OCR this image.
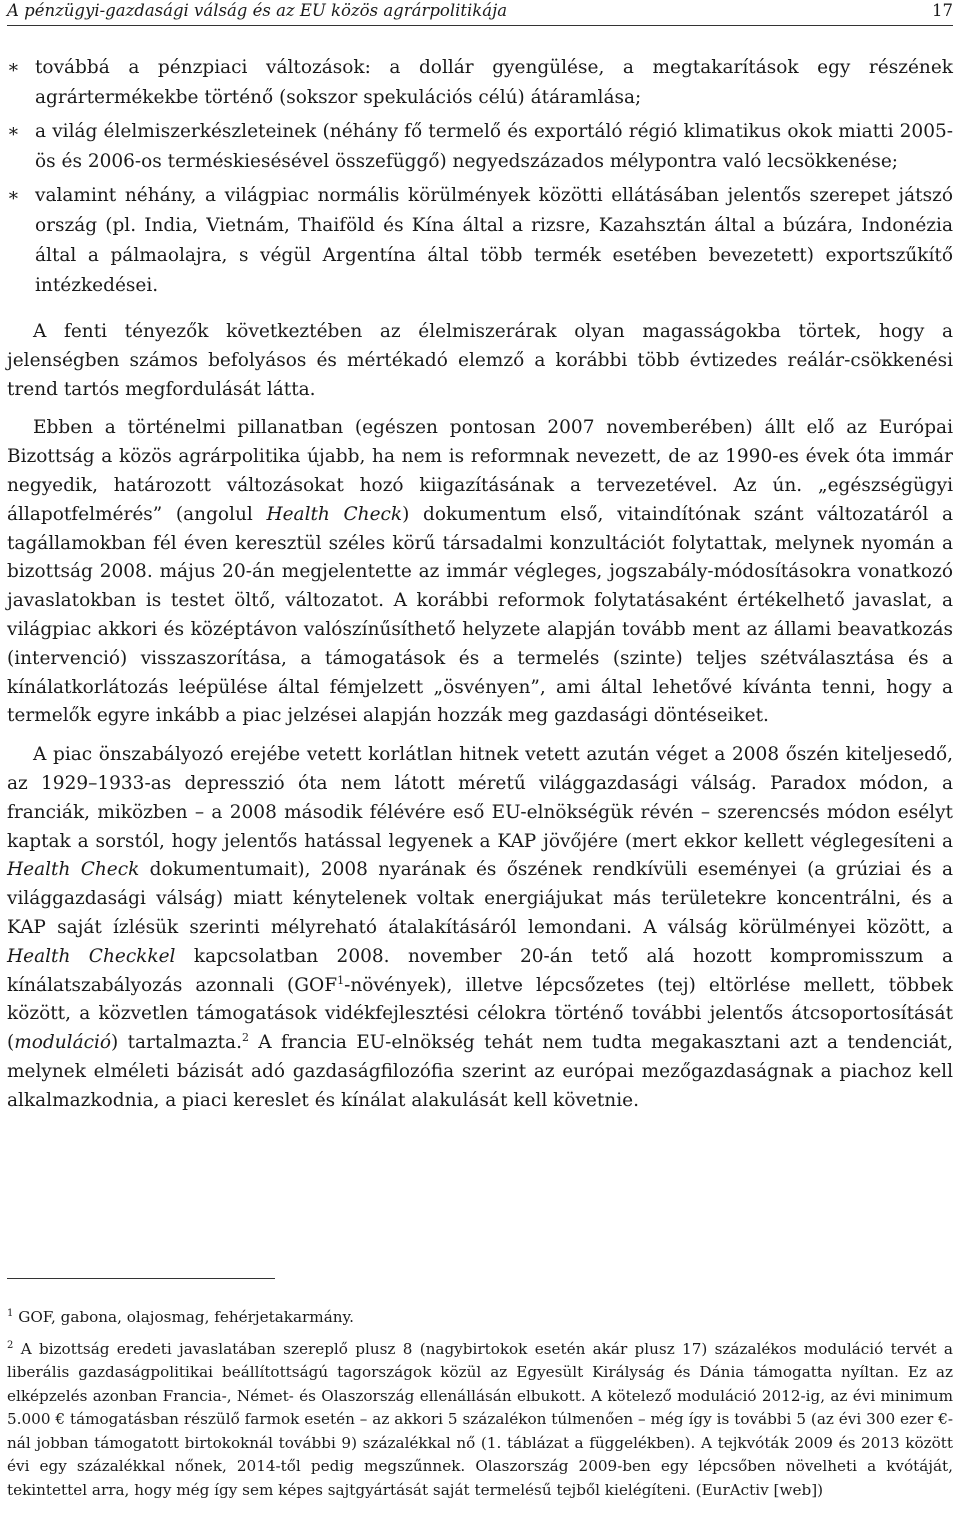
A pénzügyi-gazdasági válság és az EU közös agrárpolitikája	17
∗ továbbá a pénzpiaci változások: a dollár gyengülése, a megtakarítások egy részének agrártermékekbe történő (sokszor spekulációs célú) átáramlása;
∗ a világ élelmiszerkészleteinek (néhány fő termelő és exportáló régió klimatikus okok miatti 2005-ös és 2006-os terméskiesésével összefüggő) negyedszázados mélypontra való lecsökkenése;
∗ valamint néhány, a világpiac normális körülmények közötti ellátásában jelentős szerepet játszó ország (pl. India, Vietnám, Thaiföld és Kína által a rizsre, Kazahsztán által a búzára, Indonézia által a pálmaolajra, s végül Argentína által több termék esetében bevezetett) exportszűkítő intézkedései.

A fenti tényezők következtében az élelmiszerárak olyan magasságokba törtek, hogy a jelenségben számos befolyásos és mértékadó elemző a korábbi több évtizedes reálár-csökkenési trend tartós megfordulását látta.

Ebben a történelmi pillanatban (egészen pontosan 2007 novemberében) állt elő az Európai Bizottság a közös agrárpolitika újabb, ha nem is reformnak nevezett, de az 1990-es évek óta immár negyedik, határozott változásokat hozó kiigazításának a tervezetével. Az ún. „egészségügyi állapotfelmérés” (angolul Health Check) dokumentum első, vitaindítónak szánt változatáról a tagállamokban fél éven keresztül széles körű társadalmi konzultációt folytattak, melynek nyomán a bizottság 2008. május 20-án megjelentette az immár végleges, jogszabály-módosításokra vonatkozó javaslatokban is testet öltő, változatot. A korábbi reformok folytatásaként értékelhető javaslat, a világpiac akkori és középtávon valószínűsíthető helyzete alapján tovább ment az állami beavatkozás (intervenció) visszaszorítása, a támogatások és a termelés (szinte) teljes szétválasztása és a kínálatkorlátozás leépülése által fémjelzett „ösvényen”, ami által lehetővé kívánta tenni, hogy a termelők egyre inkább a piac jelzései alapján hozzák meg gazdasági döntéseiket.

A piac önszabályozó erejébe vetett korlátlan hitnek vetett azután véget a 2008 őszén kiteljesedő, az 1929–1933-as depresszió óta nem látott méretű világgazdasági válság. Paradox módon, a franciák, miközben – a 2008 második félévére eső EU-elnökségük révén – szerencsés módon esélyt kaptak a sorstól, hogy jelentős hatással legyenek a KAP jövőjére (mert ekkor kellett véglegesíteni a Health Check dokumentumait), 2008 nyarának és őszének rendkívüli eseményei (a grúziai és a világgazdasági válság) miatt kénytelenek voltak energiájukat más területekre koncentrálni, és a KAP saját ízlésük szerinti mélyreható átalakításáról lemondani. A válság körülményei között, a Health Checkkel kapcsolatban 2008. november 20-án tető alá hozott kompromisszum a kínálatszabályozás azonnali (GOF$^1$-növények), illetve lépcsőzetes (tej) eltörlése mellett, többek között, a közvetlen támogatások vidékfejlesztési célokra történő további jelentős átcsoportosítását (moduláció) tartalmazta.$^2$ A francia EU-elnökség tehát nem tudta megakasztani azt a tendenciát, melynek elméleti bázisát adó gazdaságfilozófia szerint az európai mezőgazdaságnak a piachoz kell alkalmazkodnia, a piaci kereslet és kínálat alakulását kell követnie.

$^1$ GOF, gabona, olajosmag, fehérjetakarmány.

$^2$ A bizottság eredeti javaslatában szereplő plusz 8 (nagybirtokok esetén akár plusz 17) százalékos moduláció tervét a liberális gazdaságpolitikai beállítottságú tagországok közül az Egyesült Királyság és Dánia támogatta nyíltan. Ez az elképzelés azonban Francia-, Német- és Olaszország ellenállásán elbukott. A kötelező moduláció 2012-ig, az évi minimum 5.000 € támogatásban részülő farmok esetén – az akkori 5 százalékon túlmenően – még így is további 5 (az évi 300 ezer €-nál jobban támogatott birtokoknál további 9) százalékkal nő (1. táblázat a függelékben). A tejkvóták 2009 és 2013 között évi egy százalékkal nőnek, 2014-től pedig megszűnnek. Olaszország 2009-ben egy lépcsőben növelheti a kvótáját, tekintettel arra, hogy még így sem képes sajtgyártását saját termelésű tejből kielégíteni. (EurActiv [web])
